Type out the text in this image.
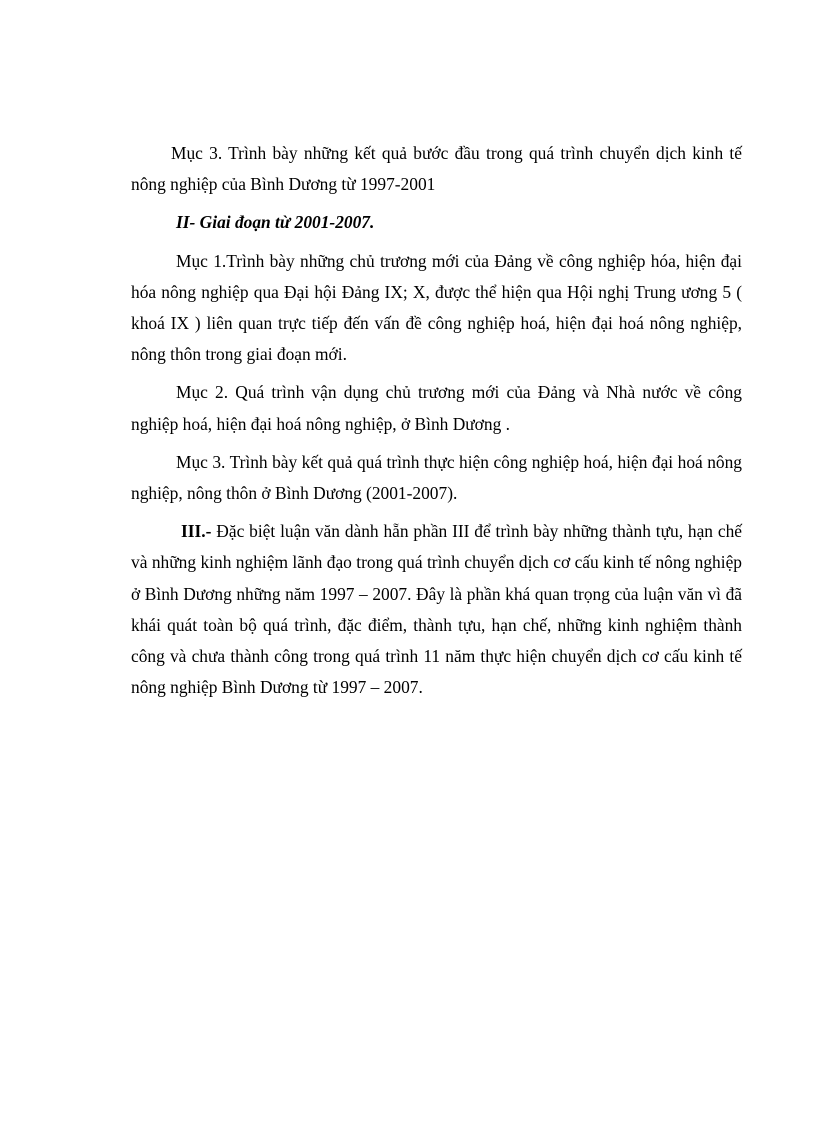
Mục 3. Trình bày những kết quả bước đầu trong quá trình chuyển dịch kinh tế nông nghiệp của Bình Dương từ 1997-2001

II- Giai đoạn từ 2001-2007.

Mục 1.Trình bày những chủ trương mới của Đảng về công nghiệp hóa, hiện đại hóa nông nghiệp qua Đại hội Đảng IX; X, được thể hiện qua Hội nghị Trung ương 5 ( khoá IX ) liên quan trực tiếp đến vấn đề công nghiệp hoá, hiện đại hoá nông nghiệp, nông thôn trong giai đoạn mới.

Mục 2. Quá trình vận dụng chủ trương mới của Đảng và Nhà nước về công nghiệp hoá, hiện đại hoá nông nghiệp, ở Bình Dương .

Mục 3. Trình bày kết quả quá trình thực hiện công nghiệp hoá, hiện đại hoá nông nghiệp, nông thôn ở Bình Dương (2001-2007).

III.- Đặc biệt luận văn dành hẵn phần III để trình bày những thành tựu, hạn chế và những kinh nghiệm lãnh đạo trong quá trình chuyển dịch cơ cấu kinh tế nông nghiệp ở Bình Dương những năm 1997 – 2007. Đây là phần khá quan trọng của luận văn vì đã khái quát toàn bộ quá trình, đặc điểm, thành tựu, hạn chế, những kinh nghiệm thành công và chưa thành công trong quá trình 11 năm thực hiện chuyển dịch cơ cấu kinh tế nông nghiệp Bình Dương từ 1997 – 2007.
